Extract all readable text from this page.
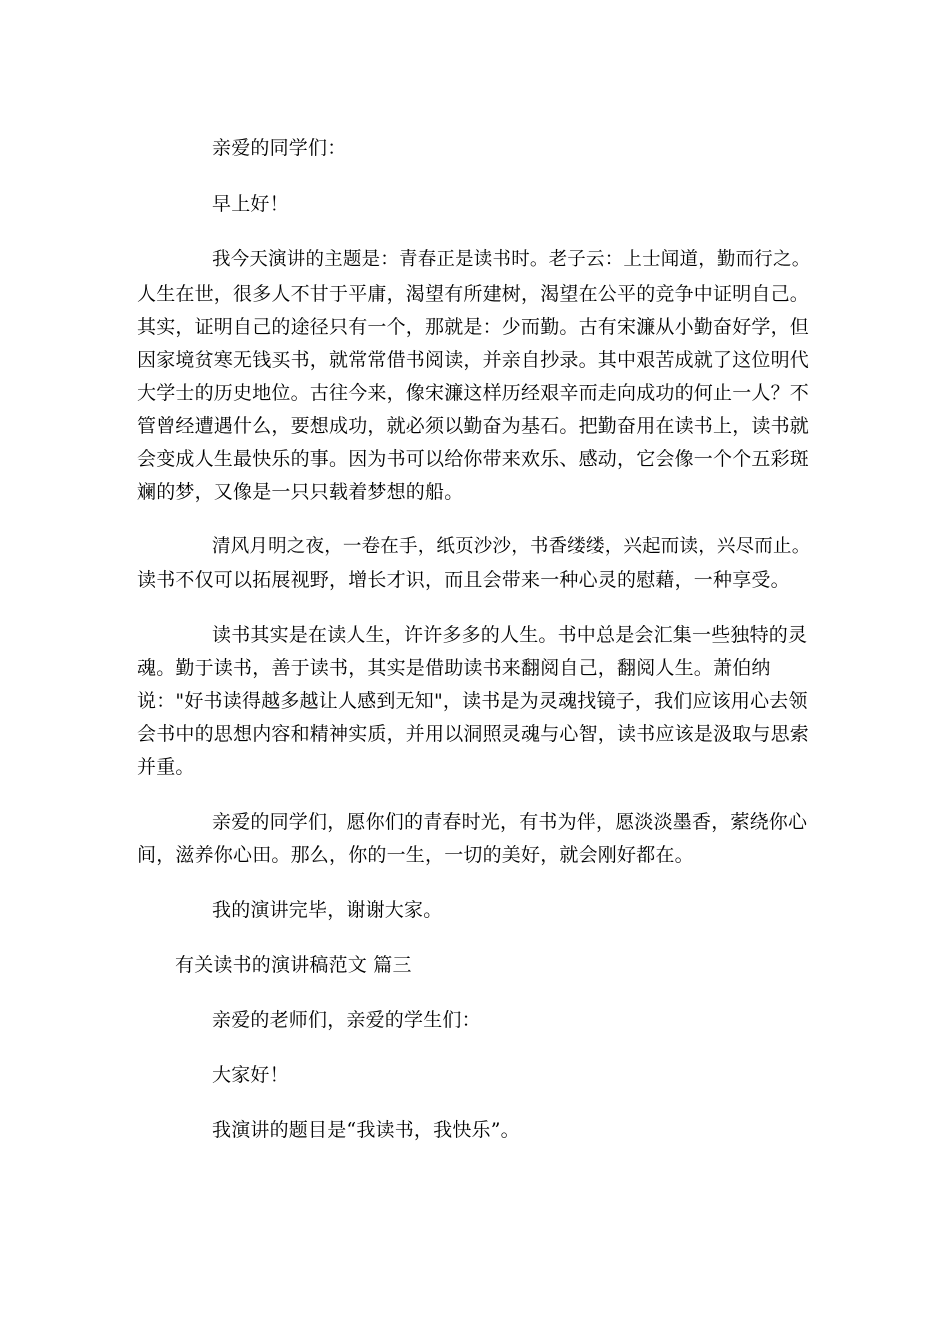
亲爱的同学们：
早上好！
我今天演讲的主题是：青春正是读书时。老子云：上士闻道，勤而行之。
人生在世，很多人不甘于平庸，渴望有所建树，渴望在公平的竞争中证明自己。
其实，证明自己的途径只有一个，那就是：少而勤。古有宋濂从小勤奋好学，但
因家境贫寒无钱买书，就常常借书阅读，并亲自抄录。其中艰苦成就了这位明代
大学士的历史地位。古往今来，像宋濂这样历经艰辛而走向成功的何止一人？不
管曾经遭遇什么，要想成功，就必须以勤奋为基石。把勤奋用在读书上，读书就
会变成人生最快乐的事。因为书可以给你带来欢乐、感动，它会像一个个五彩斑
斓的梦，又像是一只只载着梦想的船。
清风月明之夜，一卷在手，纸页沙沙，书香缕缕，兴起而读，兴尽而止。
读书不仅可以拓展视野，增长才识，而且会带来一种心灵的慰藉，一种享受。
读书其实是在读人生，许许多多的人生。书中总是会汇集一些独特的灵
魂。勤于读书，善于读书，其实是借助读书来翻阅自己，翻阅人生。萧伯纳
说："好书读得越多越让人感到无知"，读书是为灵魂找镜子，我们应该用心去领
会书中的思想内容和精神实质，并用以洞照灵魂与心智，读书应该是汲取与思索
并重。
亲爱的同学们，愿你们的青春时光，有书为伴，愿淡淡墨香，萦绕你心
间，滋养你心田。那么，你的一生，一切的美好，就会刚好都在。
我的演讲完毕，谢谢大家。
有关读书的演讲稿范文 篇三
亲爱的老师们，亲爱的学生们：
大家好！
我演讲的题目是“我读书，我快乐”。
